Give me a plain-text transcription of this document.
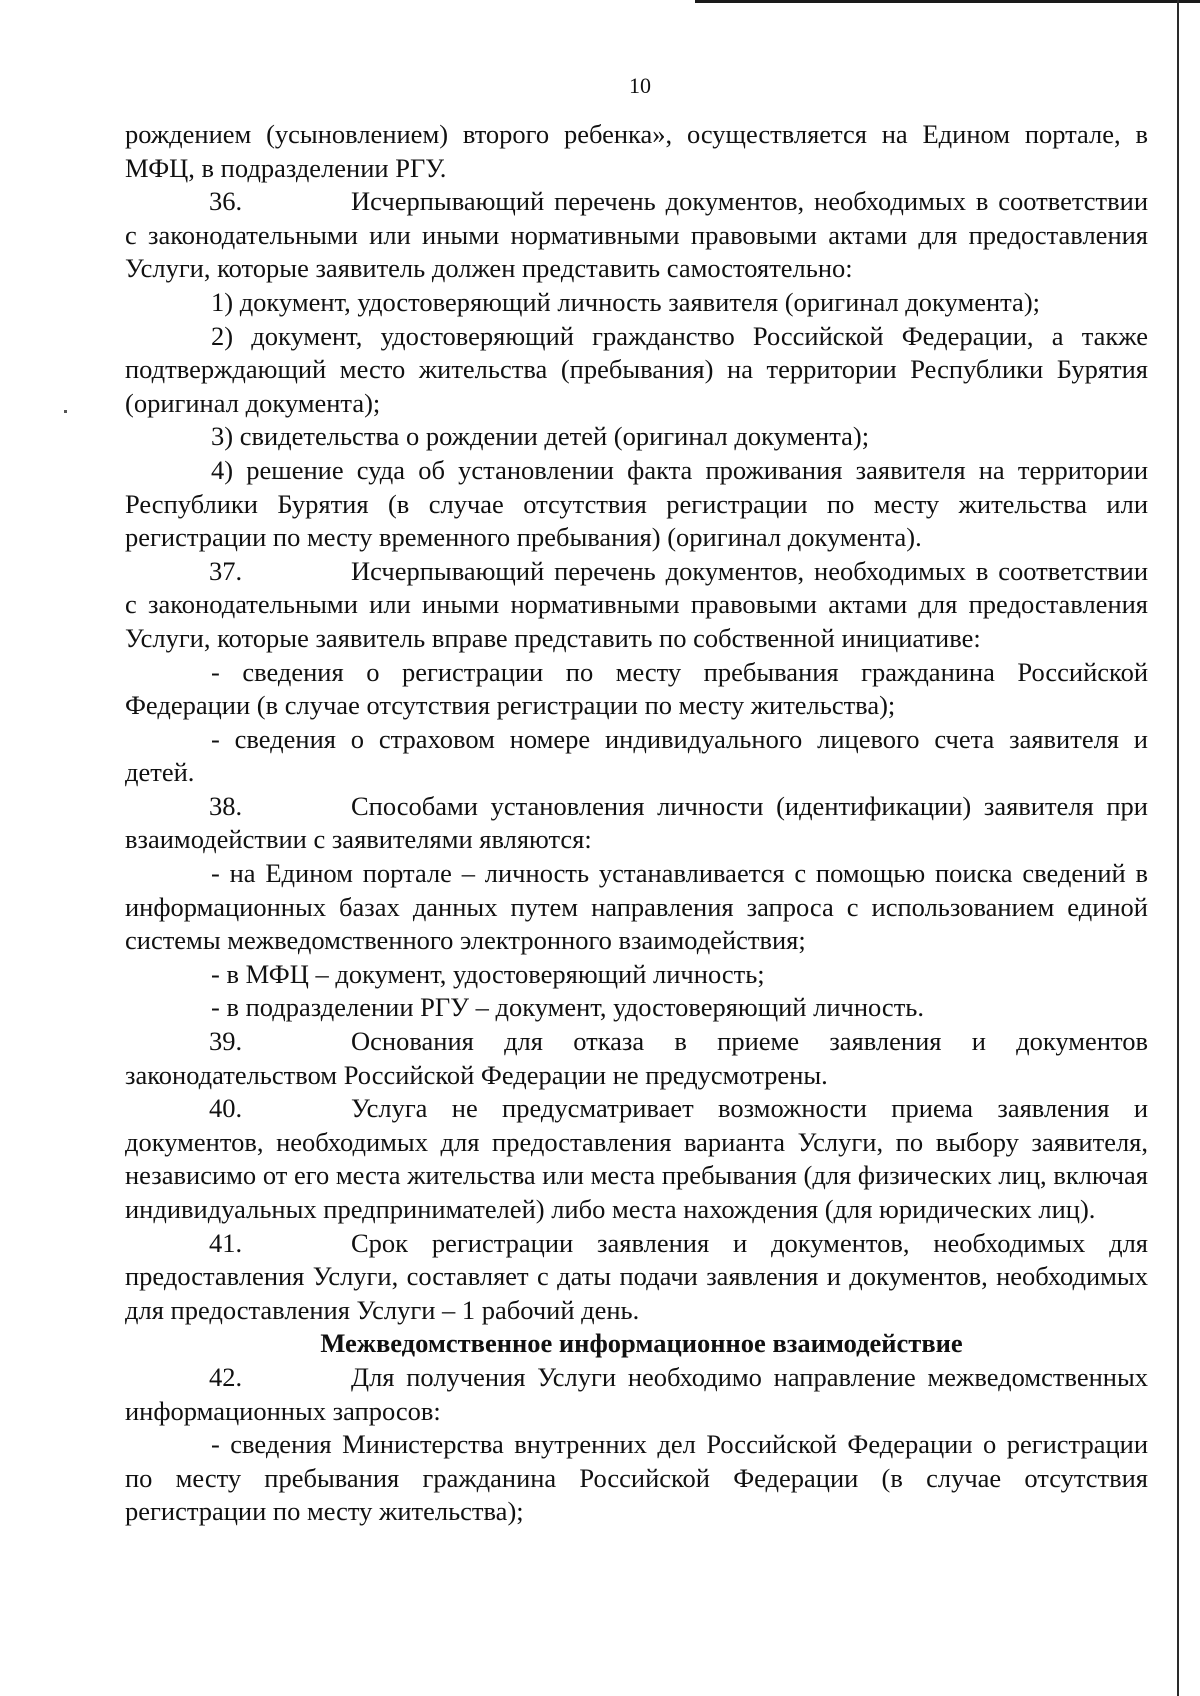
10

рождением (усыновлением) второго ребенка», осуществляется на Едином портале, в МФЦ, в подразделении РГУ.

36.	Исчерпывающий перечень документов, необходимых в соответствии с законодательными или иными нормативными правовыми актами для предоставления Услуги, которые заявитель должен представить самостоятельно:

1) документ, удостоверяющий личность заявителя (оригинал документа);

2) документ, удостоверяющий гражданство Российской Федерации, а также подтверждающий место жительства (пребывания) на территории Республики Бурятия (оригинал документа);

3) свидетельства о рождении детей (оригинал документа);

4) решение суда об установлении факта проживания заявителя на территории Республики Бурятия (в случае отсутствия регистрации по месту жительства или регистрации по месту временного пребывания) (оригинал документа).

37.	Исчерпывающий перечень документов, необходимых в соответствии с законодательными или иными нормативными правовыми актами для предоставления Услуги, которые заявитель вправе представить по собственной инициативе:

- сведения о регистрации по месту пребывания гражданина Российской Федерации (в случае отсутствия регистрации по месту жительства);

- сведения о страховом номере индивидуального лицевого счета заявителя и детей.

38.	Способами установления личности (идентификации) заявителя при взаимодействии с заявителями являются:

- на Едином портале – личность устанавливается с помощью поиска сведений в информационных базах данных путем направления запроса с использованием единой системы межведомственного электронного взаимодействия;

- в МФЦ – документ, удостоверяющий личность;

- в подразделении РГУ – документ, удостоверяющий личность.

39.	Основания для отказа в приеме заявления и документов законодательством Российской Федерации не предусмотрены.

40.	Услуга не предусматривает возможности приема заявления и документов, необходимых для предоставления варианта Услуги, по выбору заявителя, независимо от его места жительства или места пребывания (для физических лиц, включая индивидуальных предпринимателей) либо места нахождения (для юридических лиц).

41.	Срок регистрации заявления и документов, необходимых для предоставления Услуги, составляет с даты подачи заявления и документов, необходимых для предоставления Услуги – 1 рабочий день.

Межведомственное информационное взаимодействие

42.	Для получения Услуги необходимо направление межведомственных информационных запросов:

- сведения Министерства внутренних дел Российской Федерации о регистрации по месту пребывания гражданина Российской Федерации (в случае отсутствия регистрации по месту жительства);
